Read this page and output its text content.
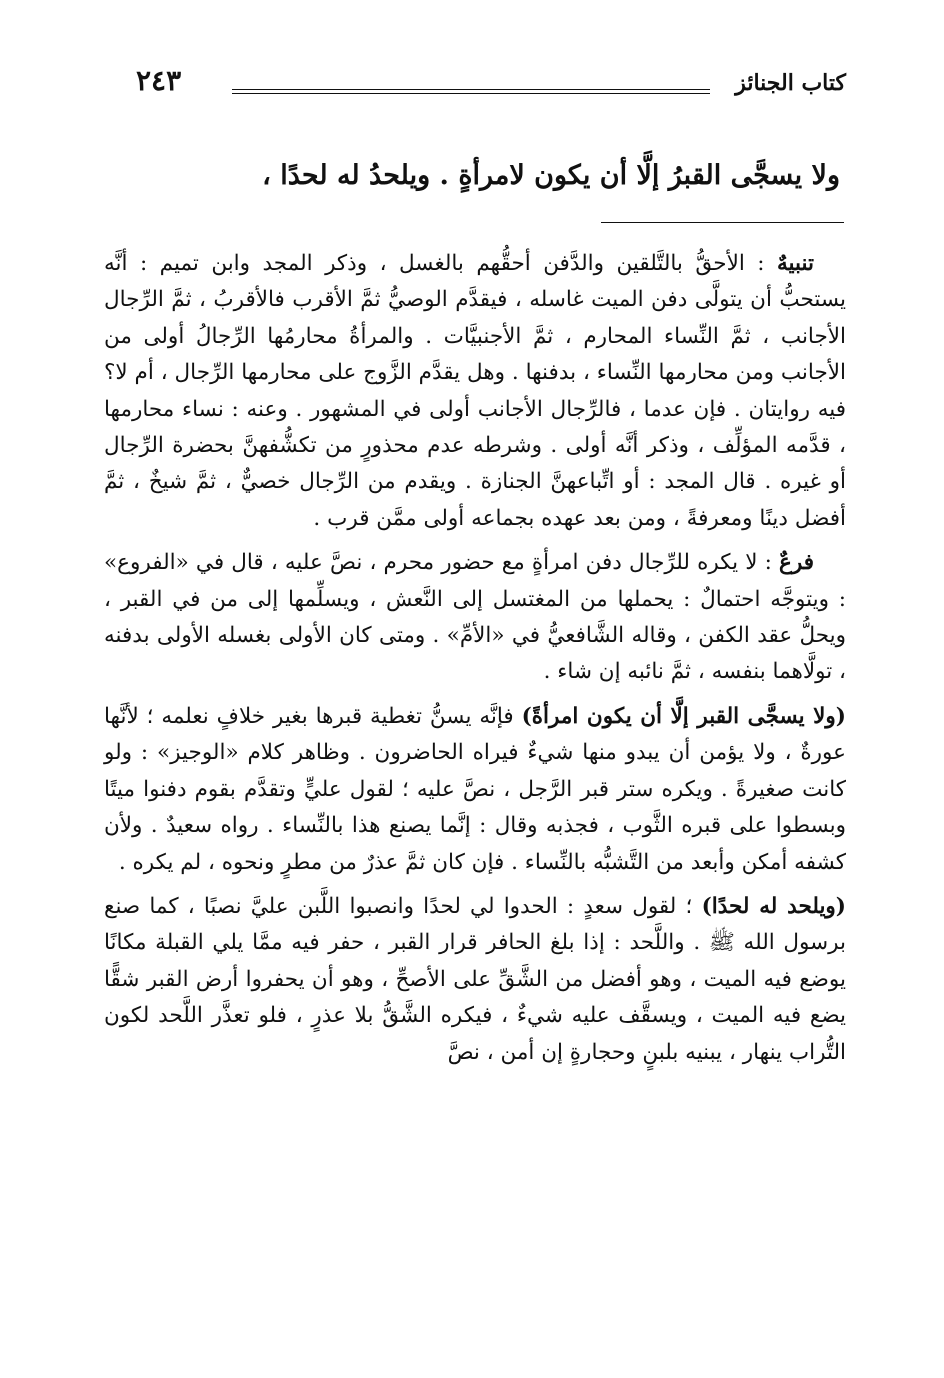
كتاب الجنائز
٢٤٣
ولا يسجَّى القبرُ إلَّا أن يكون لامرأةٍ . ويلحدُ له لحدًا ،

تنبيهٌ : الأحقُّ بالتَّلقين والدَّفن أحقُّهم بالغسل ، وذكر المجد وابن تميم : أنَّه يستحبُّ أن يتولَّى دفن الميت غاسله ، فيقدَّم الوصيُّ ثمَّ الأقرب فالأقربُ ، ثمَّ الرِّجال الأجانب ، ثمَّ النِّساء المحارم ، ثمَّ الأجنبيَّات . والمرأةُ محارمُها الرِّجالُ أولى من الأجانب ومن محارمها النِّساء ، بدفنها . وهل يقدَّم الزَّوج على محارمها الرِّجال ، أم لا؟ فيه روايتان . فإن عدما ، فالرِّجال الأجانب أولى في المشهور . وعنه : نساء محارمها ، قدَّمه المؤلِّف ، وذكر أنَّه أولى . وشرطه عدم محذورٍ من تكشُّفهنَّ بحضرة الرِّجال أو غيره . قال المجد : أو اتِّباعهنَّ الجنازة . ويقدم من الرِّجال خصيٌّ ، ثمَّ شيخٌ ، ثمَّ أفضل دينًا ومعرفةً ، ومن بعد عهده بجماعه أولى ممَّن قرب .

فرعٌ : لا يكره للرِّجال دفن امرأةٍ مع حضور محرم ، نصَّ عليه ، قال في «الفروع» : ويتوجَّه احتمالٌ : يحملها من المغتسل إلى النَّعش ، ويسلِّمها إلى من في القبر ، ويحلُّ عقد الكفن ، وقاله الشَّافعيُّ في «الأمِّ» . ومتى كان الأولى بغسله الأولى بدفنه ، تولَّاهما بنفسه ، ثمَّ نائبه إن شاء .

(ولا يسجَّى القبر إلَّا أن يكون امرأةً) فإنَّه يسنُّ تغطية قبرها بغير خلافٍ نعلمه ؛ لأنَّها عورةٌ ، ولا يؤمن أن يبدو منها شيءٌ فيراه الحاضرون . وظاهر كلام «الوجيز» : ولو كانت صغيرةً . ويكره ستر قبر الرَّجل ، نصَّ عليه ؛ لقول عليٍّ وتقدَّم بقوم دفنوا ميتًا وبسطوا على قبره الثَّوب ، فجذبه وقال : إنَّما يصنع هذا بالنِّساء . رواه سعيدٌ . ولأن كشفه أمكن وأبعد من التَّشبُّه بالنِّساء . فإن كان ثمَّ عذرٌ من مطرٍ ونحوه ، لم يكره .

(ويلحد له لحدًا) ؛ لقول سعدٍ : الحدوا لي لحدًا وانصبوا اللَّبن عليَّ نصبًا ، كما صنع برسول الله ﷺ . واللَّحد : إذا بلغ الحافر قرار القبر ، حفر فيه ممَّا يلي القبلة مكانًا يوضع فيه الميت ، وهو أفضل من الشَّقِّ على الأصحِّ ، وهو أن يحفروا أرض القبر شقًّا يضع فيه الميت ، ويسقَّف عليه شيءٌ ، فيكره الشَّقُّ بلا عذرٍ ، فلو تعذَّر اللَّحد لكون التُّراب ينهار ، يبنيه بلبنٍ وحجارةٍ إن أمن ، نصَّ
